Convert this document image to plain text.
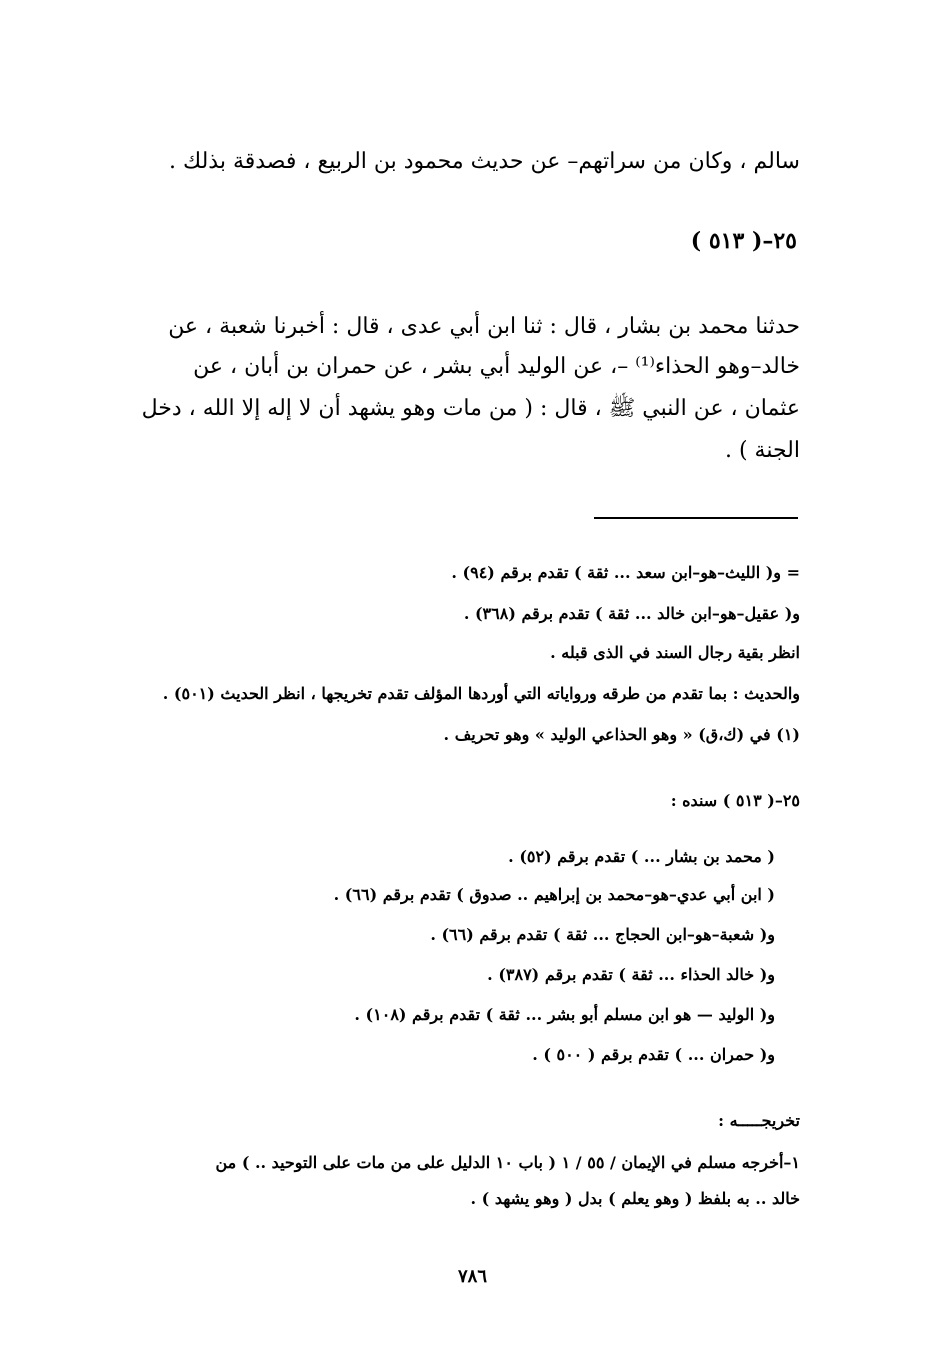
سالم ، وكان من سراتهم– عن حديث محمود بن الربيع ، فصدقة بذلك .
٢٥–( ٥١٣ )
حدثنا محمد بن بشار ، قال : ثنا ابن أبي عدى ، قال : أخبرنا شعبة ، عن
خالد–وهو الحذاء⁽¹⁾ –، عن الوليد أبي بشر ، عن حمران بن أبان ، عن
عثمان ، عن النبي ﷺ ، قال : ( من مات وهو يشهد أن لا إله إلا الله ، دخل
الجنة ) .
= و( الليث–هو–ابن سعد ... ثقة ) تقدم برقم (٩٤) .
و( عقيل–هو–ابن خالد ... ثقة ) تقدم برقم (٣٦٨) .
انظر بقية رجال السند في الذى قبله .
والحديث : بما تقدم من طرقه ورواياته التي أوردها المؤلف تقدم تخريجها ، انظر الحديث (٥٠١) .
(١) في (ك،ق) « وهو الحذاعي الوليد » وهو تحريف .
٢٥–( ٥١٣ ) سنده :
( محمد بن بشار ... ) تقدم برقم (٥٢) .
( ابن أبي عدي–هو–محمد بن إبراهيم .. صدوق ) تقدم برقم (٦٦) .
و( شعبة–هو–ابن الحجاج ... ثقة ) تقدم برقم (٦٦) .
و( خالد الحذاء ... ثقة ) تقدم برقم (٣٨٧) .
و( الوليد — هو ابن مسلم أبو بشر ... ثقة ) تقدم برقم (١٠٨) .
و( حمران ... ) تقدم برقم ( ٥٠٠ ) .
تخريجـــــه :
١–أخرجه مسلم في الإيمان / ٥٥ / ١ ( باب ١٠ الدليل على من مات على التوحيد .. ) من
خالد .. به بلفظ ( وهو يعلم ) بدل ( وهو يشهد ) .
٧٨٦
